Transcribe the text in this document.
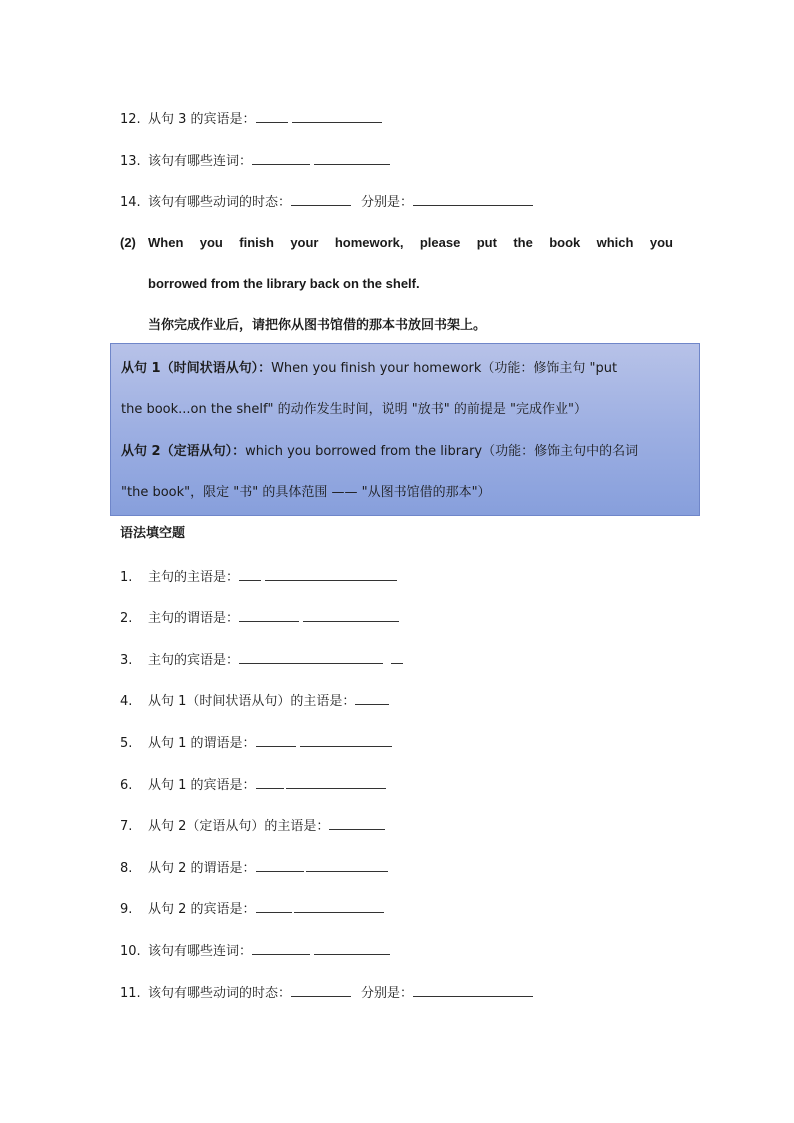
12. 从句 3 的宾语是：
13. 该句有哪些连词：
14. 该句有哪些动词的时态：	分别是：
(2) When you finish your homework, please put the book which you
borrowed from the library back on the shelf.
当你完成作业后，请把你从图书馆借的那本书放回书架上。
从句 1（时间状语从句）：When you finish your homework（功能：修饰主句 "put
the book...on the shelf" 的动作发生时间，说明 "放书" 的前提是 "完成作业"）
从句 2（定语从句）：which you borrowed from the library（功能：修饰主句中的名词
"the book"，限定 "书" 的具体范围 —— "从图书馆借的那本"）
语法填空题
1. 主句的主语是：
2. 主句的谓语是：
3. 主句的宾语是：
4. 从句 1（时间状语从句）的主语是：
5. 从句 1 的谓语是：
6. 从句 1 的宾语是：
7. 从句 2（定语从句）的主语是：
8. 从句 2 的谓语是：
9. 从句 2 的宾语是：
10. 该句有哪些连词：
11. 该句有哪些动词的时态：	分别是：
